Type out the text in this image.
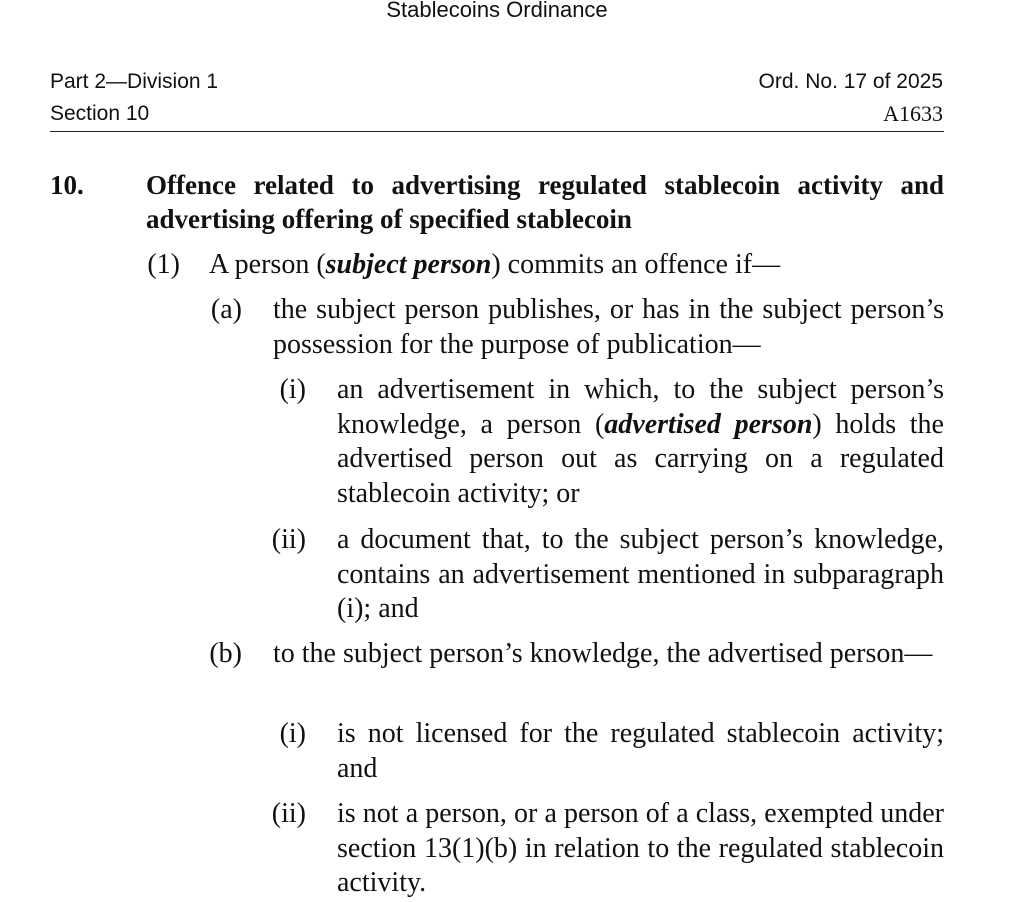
Stablecoins Ordinance
Part 2—Division 1
Section 10
Ord. No. 17 of 2025
A1633
10. Offence related to advertising regulated stablecoin activity and advertising offering of specified stablecoin
(1) A person (subject person) commits an offence if—
(a) the subject person publishes, or has in the subject person’s possession for the purpose of publication—
(i) an advertisement in which, to the subject person’s knowledge, a person (advertised person) holds the advertised person out as carrying on a regulated stablecoin activity; or
(ii) a document that, to the subject person’s knowledge, contains an advertisement mentioned in subparagraph (i); and
(b) to the subject person’s knowledge, the advertised person—
(i) is not licensed for the regulated stablecoin activity; and
(ii) is not a person, or a person of a class, exempted under section 13(1)(b) in relation to the regulated stablecoin activity.
